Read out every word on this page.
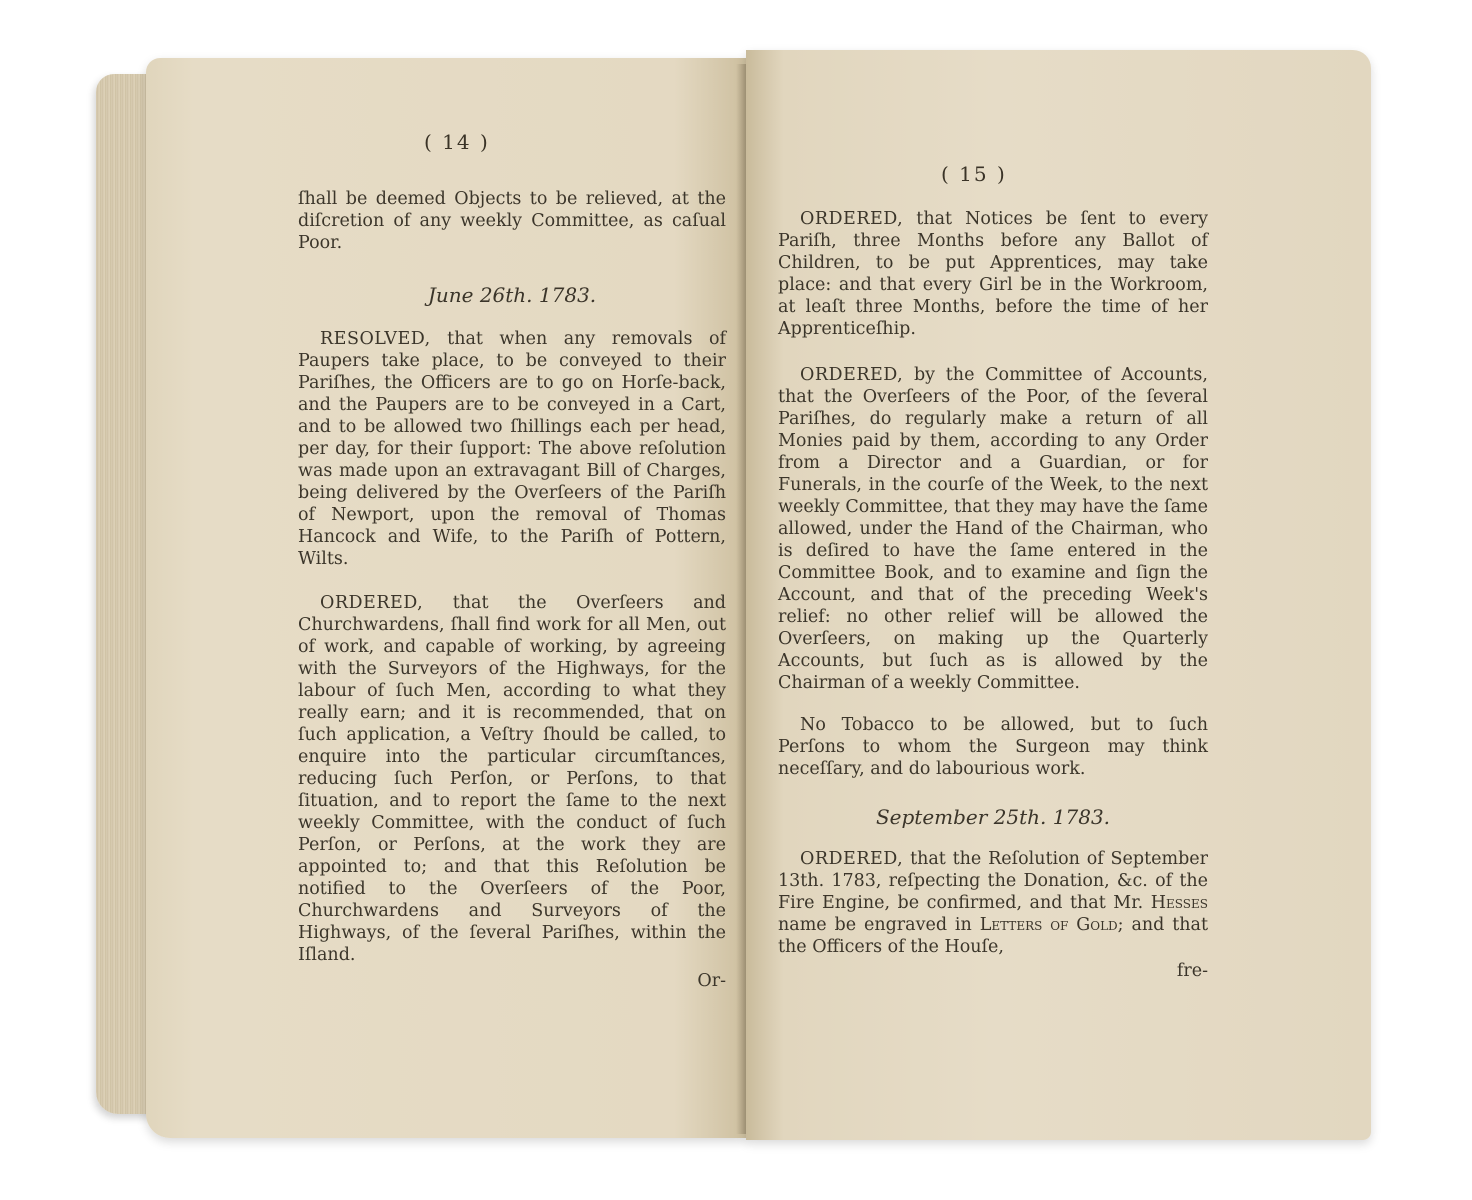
( 14 )

ſhall be deemed Objects to be relieved, at the diſcretion of any weekly Committee, as caſual Poor.

June 26th. 1783.

RESOLVED, that when any removals of Paupers take place, to be conveyed to their Pariſhes, the Officers are to go on Horſe-back, and the Paupers are to be conveyed in a Cart, and to be allowed two ſhillings each per head, per day, for their ſupport: The above reſolution was made upon an extravagant Bill of Charges, being delivered by the Overſeers of the Pariſh of Newport, upon the removal of Thomas Hancock and Wife, to the Pariſh of Pottern, Wilts.

ORDERED, that the Overſeers and Churchwardens, ſhall find work for all Men, out of work, and capable of working, by agreeing with the Surveyors of the Highways, for the labour of ſuch Men, according to what they really earn; and it is recommended, that on ſuch application, a Veſtry ſhould be called, to enquire into the particular circumſtances, reducing ſuch Perſon, or Perſons, to that ſituation, and to report the ſame to the next weekly Committee, with the conduct of ſuch Perſon, or Perſons, at the work they are appointed to; and that this Reſolution be notified to the Overſeers of the Poor, Churchwardens and Surveyors of the Highways, of the ſeveral Pariſhes, within the Iſland.

Or-

( 15 )

ORDERED, that Notices be ſent to every Pariſh, three Months before any Ballot of Children, to be put Apprentices, may take place: and that every Girl be in the Workroom, at leaſt three Months, before the time of her Apprenticeſhip.

ORDERED, by the Committee of Accounts, that the Overſeers of the Poor, of the ſeveral Pariſhes, do regularly make a return of all Monies paid by them, according to any Order from a Director and a Guardian, or for Funerals, in the courſe of the Week, to the next weekly Committee, that they may have the ſame allowed, under the Hand of the Chairman, who is deſired to have the ſame entered in the Committee Book, and to examine and ſign the Account, and that of the preceding Week's relief: no other relief will be allowed the Overſeers, on making up the Quarterly Accounts, but ſuch as is allowed by the Chairman of a weekly Committee.

No Tobacco to be allowed, but to ſuch Perſons to whom the Surgeon may think neceſſary, and do labourious work.

September 25th. 1783.

ORDERED, that the Reſolution of September 13th. 1783, reſpecting the Donation, &c. of the Fire Engine, be confirmed, and that Mr. Hesses name be engraved in Letters of Gold; and that the Officers of the Houſe,

fre-
